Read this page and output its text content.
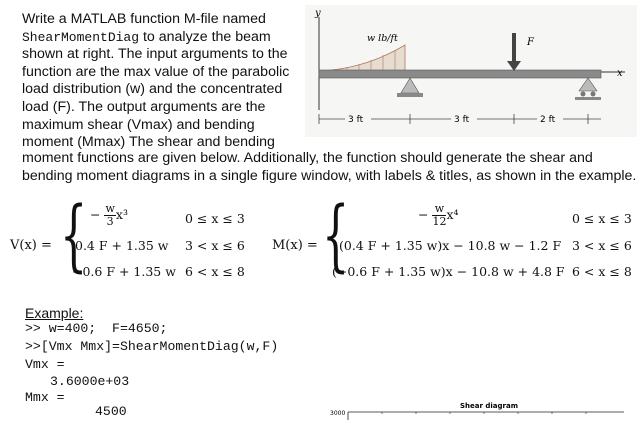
Write a MATLAB function M-file named
ShearMomentDiag to analyze the beam
shown at right. The input arguments to the
function are the max value of the parabolic
load distribution (w) and the concentrated
load (F). The output arguments are the
maximum shear (Vmax) and bending
moment (Mmax) The shear and bending
moment functions are given below. Additionally, the function should generate the shear and
bending moment diagrams in a single figure window, with labels & titles, as shown in the example.
y
x
w lb/ft	F
3 ft	3 ft	2 ft
V(x) = { − $\frac{w}{3} x^3$	0 ≤ x ≤ 3
0.4 F + 1.35 w 3 < x ≤ 6
−0.6 F + 1.35 w 6 < x ≤ 8
M(x) = {	− $\frac{w}{12} x^4$	0 ≤ x ≤ 3
(0.4 F + 1.35 w)x − 10.8 w − 1.2 F 3 < x ≤ 6
(−0.6 F + 1.35 w)x − 10.8 w + 4.8 F 6 < x ≤ 8
Example:
>> w=400;  F=4650;
>>[Vmx Mmx]=ShearMomentDiag(w,F)
Vmx =
3.6000e+03
Mmx =
4500	Shear diagram
3000
